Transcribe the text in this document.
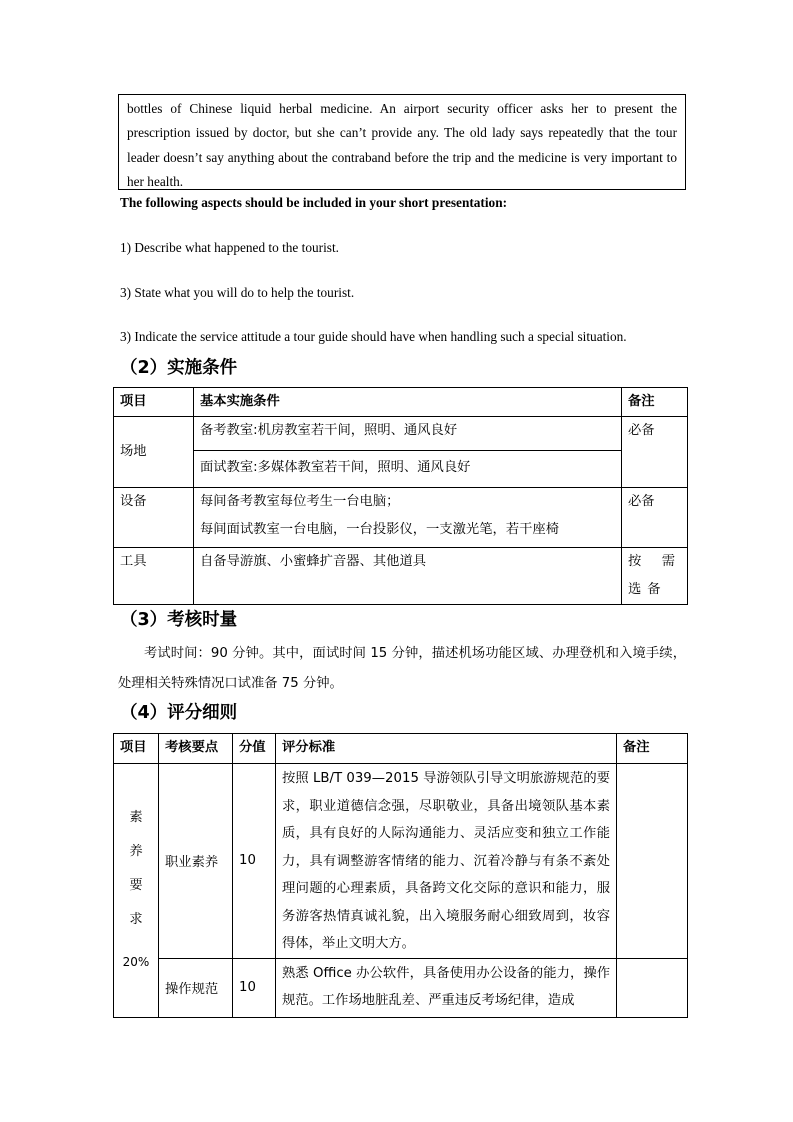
bottles of Chinese liquid herbal medicine. An airport security officer asks her to present the prescription issued by doctor, but she can’t provide any. The old lady says repeatedly that the tour leader doesn’t say anything about the contraband before the trip and the medicine is very important to her health.

The following aspects should be included in your short presentation:
1) Describe what happened to the tourist.
3) State what you will do to help the tourist.
3) Indicate the service attitude a tour guide should have when handling such a special situation.
（2）实施条件
项目	基本实施条件	备注
场地	备考教室:机房教室若干间，照明、通风良好	必备
	面试教室:多媒体教室若干间，照明、通风良好	
设备	每间备考教室每位考生一台电脑；
每间面试教室一台电脑，一台投影仪，一支激光笔，若干座椅	必备
工具	自备导游旗、小蜜蜂扩音器、其他道具	按需选备
（3）考核时量

考试时间：90 分钟。其中，面试时间 15 分钟，描述机场功能区域、办理登机和入境手续，处理相关特殊情况口试准备 75 分钟。

（4）评分细则
项目	考核要点	分值	评分标准	备注

素
养
要
求
20%	职业素养	10	按照 LB/T 039—2015 导游领队引导文明旅游规范的要求，职业道德信念强，尽职敬业，具备出境领队基本素质，具有良好的人际沟通能力、灵活应变和独立工作能力，具有调整游客情绪的能力、沉着冷静与有条不紊处理问题的心理素质，具备跨文化交际的意识和能力，服务游客热情真诚礼貌，出入境服务耐心细致周到，妆容得体，举止文明大方。	
	操作规范	10	熟悉 Office 办公软件，具备使用办公设备的能力，操作规范。工作场地脏乱差、严重违反考场纪律，造成	
